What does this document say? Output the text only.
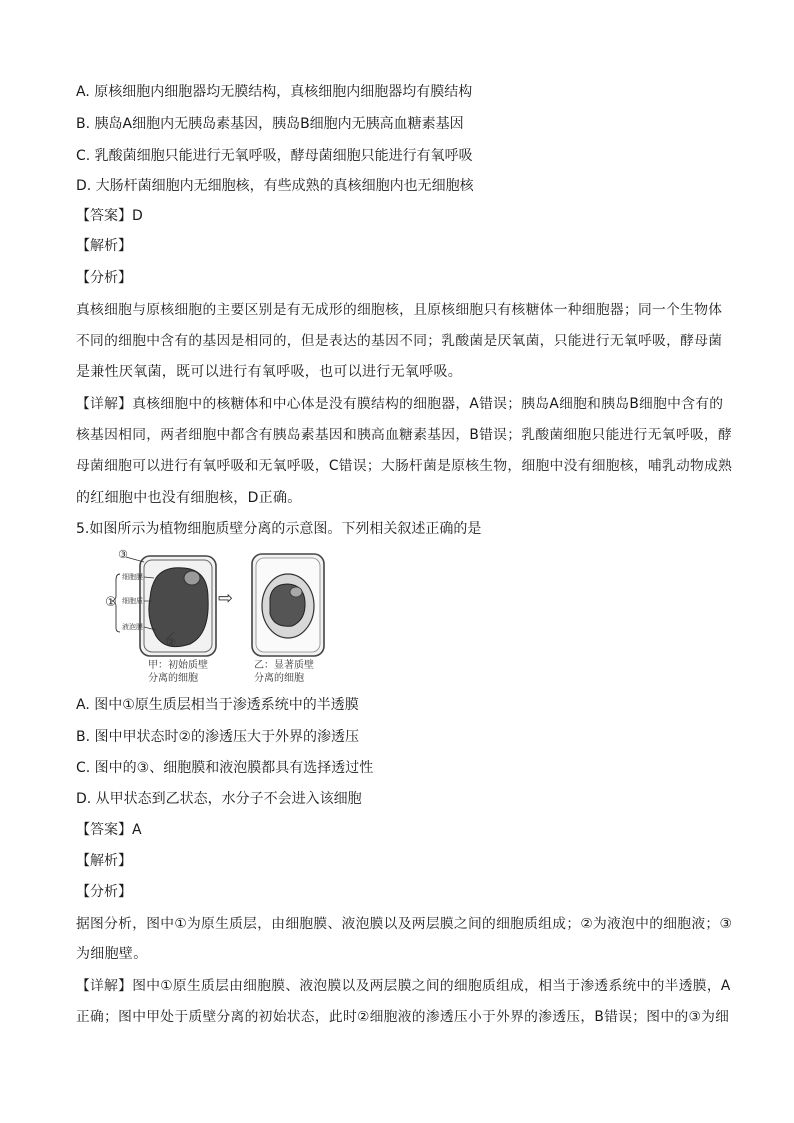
A. 原核细胞内细胞器均无膜结构，真核细胞内细胞器均有膜结构
B. 胰岛A细胞内无胰岛素基因，胰岛B细胞内无胰高血糖素基因
C. 乳酸菌细胞只能进行无氧呼吸，酵母菌细胞只能进行有氧呼吸
D. 大肠杆菌细胞内无细胞核，有些成熟的真核细胞内也无细胞核
【答案】D
【解析】
【分析】
真核细胞与原核细胞的主要区别是有无成形的细胞核，且原核细胞只有核糖体一种细胞器；同一个生物体
不同的细胞中含有的基因是相同的，但是表达的基因不同；乳酸菌是厌氧菌，只能进行无氧呼吸，酵母菌
是兼性厌氧菌，既可以进行有氧呼吸，也可以进行无氧呼吸。
【详解】真核细胞中的核糖体和中心体是没有膜结构的细胞器，A错误；胰岛A细胞和胰岛B细胞中含有的
核基因相同，两者细胞中都含有胰岛素基因和胰高血糖素基因，B错误；乳酸菌细胞只能进行无氧呼吸，酵
母菌细胞可以进行有氧呼吸和无氧呼吸，C错误；大肠杆菌是原核生物，细胞中没有细胞核，哺乳动物成熟
的红细胞中也没有细胞核，D正确。
5.如图所示为植物细胞质壁分离的示意图。下列相关叙述正确的是
③
①
细胞膜
细胞质
液泡膜
②
⇨
甲：初始质壁
分离的细胞
乙：显著质壁
分离的细胞
A. 图中①原生质层相当于渗透系统中的半透膜
B. 图中甲状态时②的渗透压大于外界的渗透压
C. 图中的③、细胞膜和液泡膜都具有选择透过性
D. 从甲状态到乙状态，水分子不会进入该细胞
【答案】A
【解析】
【分析】
据图分析，图中①为原生质层，由细胞膜、液泡膜以及两层膜之间的细胞质组成；②为液泡中的细胞液；③
为细胞壁。
【详解】图中①原生质层由细胞膜、液泡膜以及两层膜之间的细胞质组成，相当于渗透系统中的半透膜，A
正确；图中甲处于质壁分离的初始状态，此时②细胞液的渗透压小于外界的渗透压，B错误；图中的③为细
